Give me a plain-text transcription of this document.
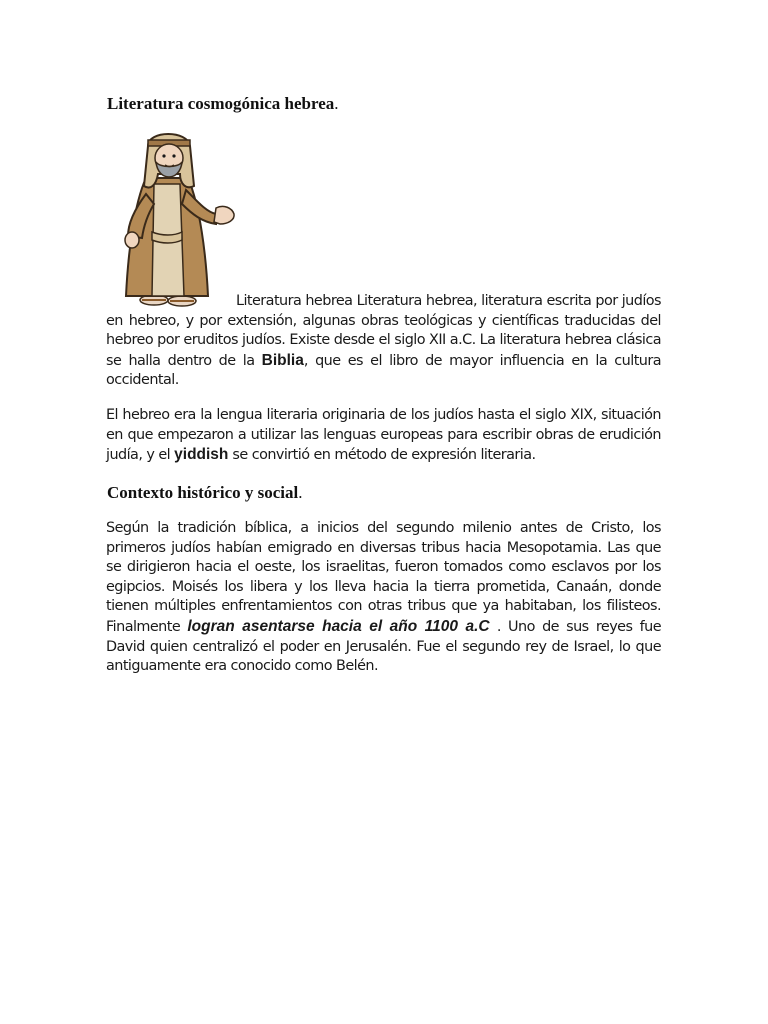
Literatura cosmogónica hebrea.

Literatura hebrea Literatura hebrea, literatura escrita por judíos en hebreo, y por extensión, algunas obras teológicas y científicas traducidas del hebreo por eruditos judíos. Existe desde el siglo XII a.C. La literatura hebrea clásica se halla dentro de la Biblia, que es el libro de mayor influencia en la cultura occidental.

El hebreo era la lengua literaria originaria de los judíos hasta el siglo XIX, situación en que empezaron a utilizar las lenguas europeas para escribir obras de erudición judía, y el yiddish se convirtió en método de expresión literaria.

Contexto histórico y social.

Según la tradición bíblica, a inicios del segundo milenio antes de Cristo, los primeros judíos habían emigrado en diversas tribus hacia Mesopotamia. Las que se dirigieron hacia el oeste, los israelitas, fueron tomados como esclavos por los egipcios. Moisés los libera y los lleva hacia la tierra prometida, Canaán, donde tienen múltiples enfrentamientos con otras tribus que ya habitaban, los filisteos. Finalmente logran asentarse hacia el año 1100 a.C . Uno de sus reyes fue David quien centralizó el poder en Jerusalén. Fue el segundo rey de Israel, lo que antiguamente era conocido como Belén.
